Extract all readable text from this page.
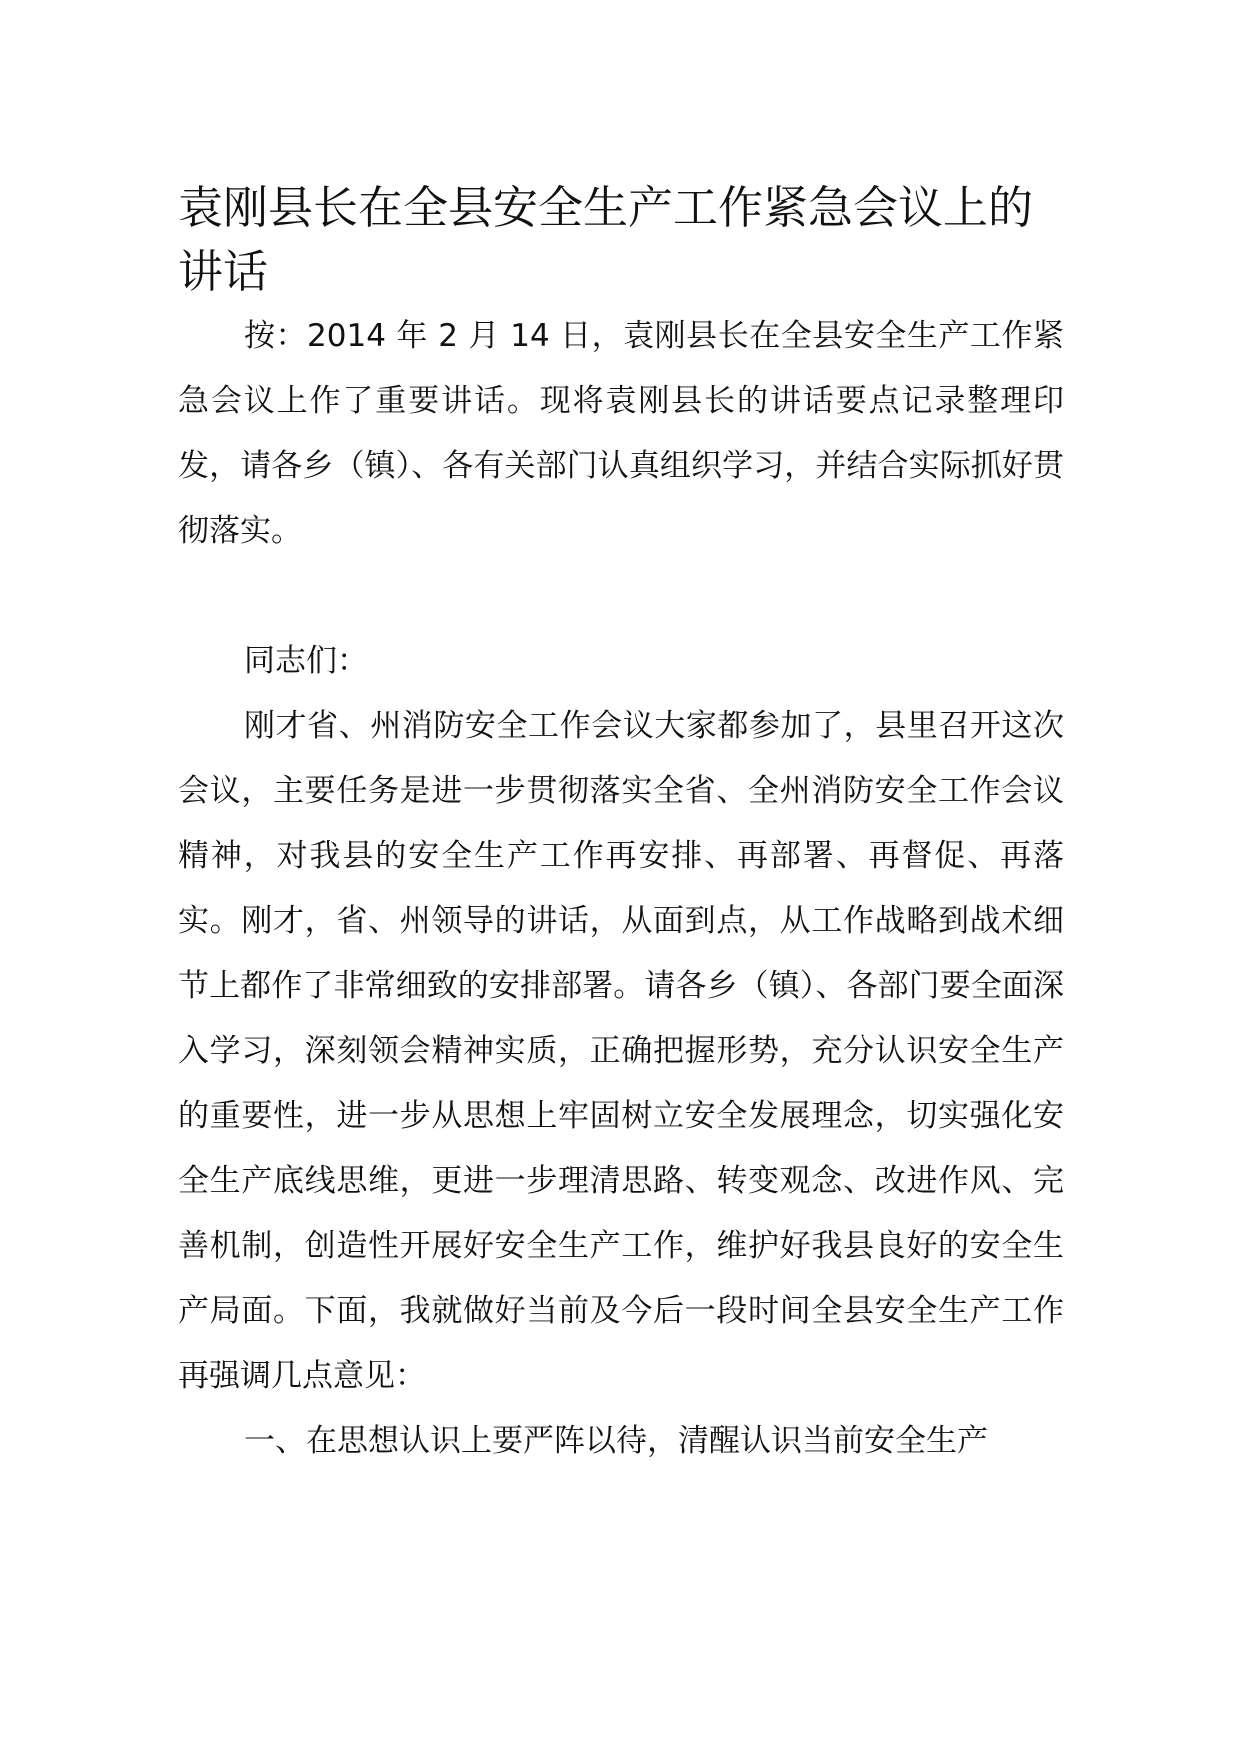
袁刚县长在全县安全生产工作紧急会议上的讲话

按：2014 年 2 月 14 日，袁刚县长在全县安全生产工作紧急会议上作了重要讲话。现将袁刚县长的讲话要点记录整理印发，请各乡（镇）、各有关部门认真组织学习，并结合实际抓好贯彻落实。

同志们：

刚才省、州消防安全工作会议大家都参加了，县里召开这次会议，主要任务是进一步贯彻落实全省、全州消防安全工作会议精神，对我县的安全生产工作再安排、再部署、再督促、再落实。刚才，省、州领导的讲话，从面到点，从工作战略到战术细节上都作了非常细致的安排部署。请各乡（镇）、各部门要全面深入学习，深刻领会精神实质，正确把握形势，充分认识安全生产的重要性，进一步从思想上牢固树立安全发展理念，切实强化安全生产底线思维，更进一步理清思路、转变观念、改进作风、完善机制，创造性开展好安全生产工作，维护好我县良好的安全生产局面。下面，我就做好当前及今后一段时间全县安全生产工作再强调几点意见：

一、在思想认识上要严阵以待，清醒认识当前安全生产
